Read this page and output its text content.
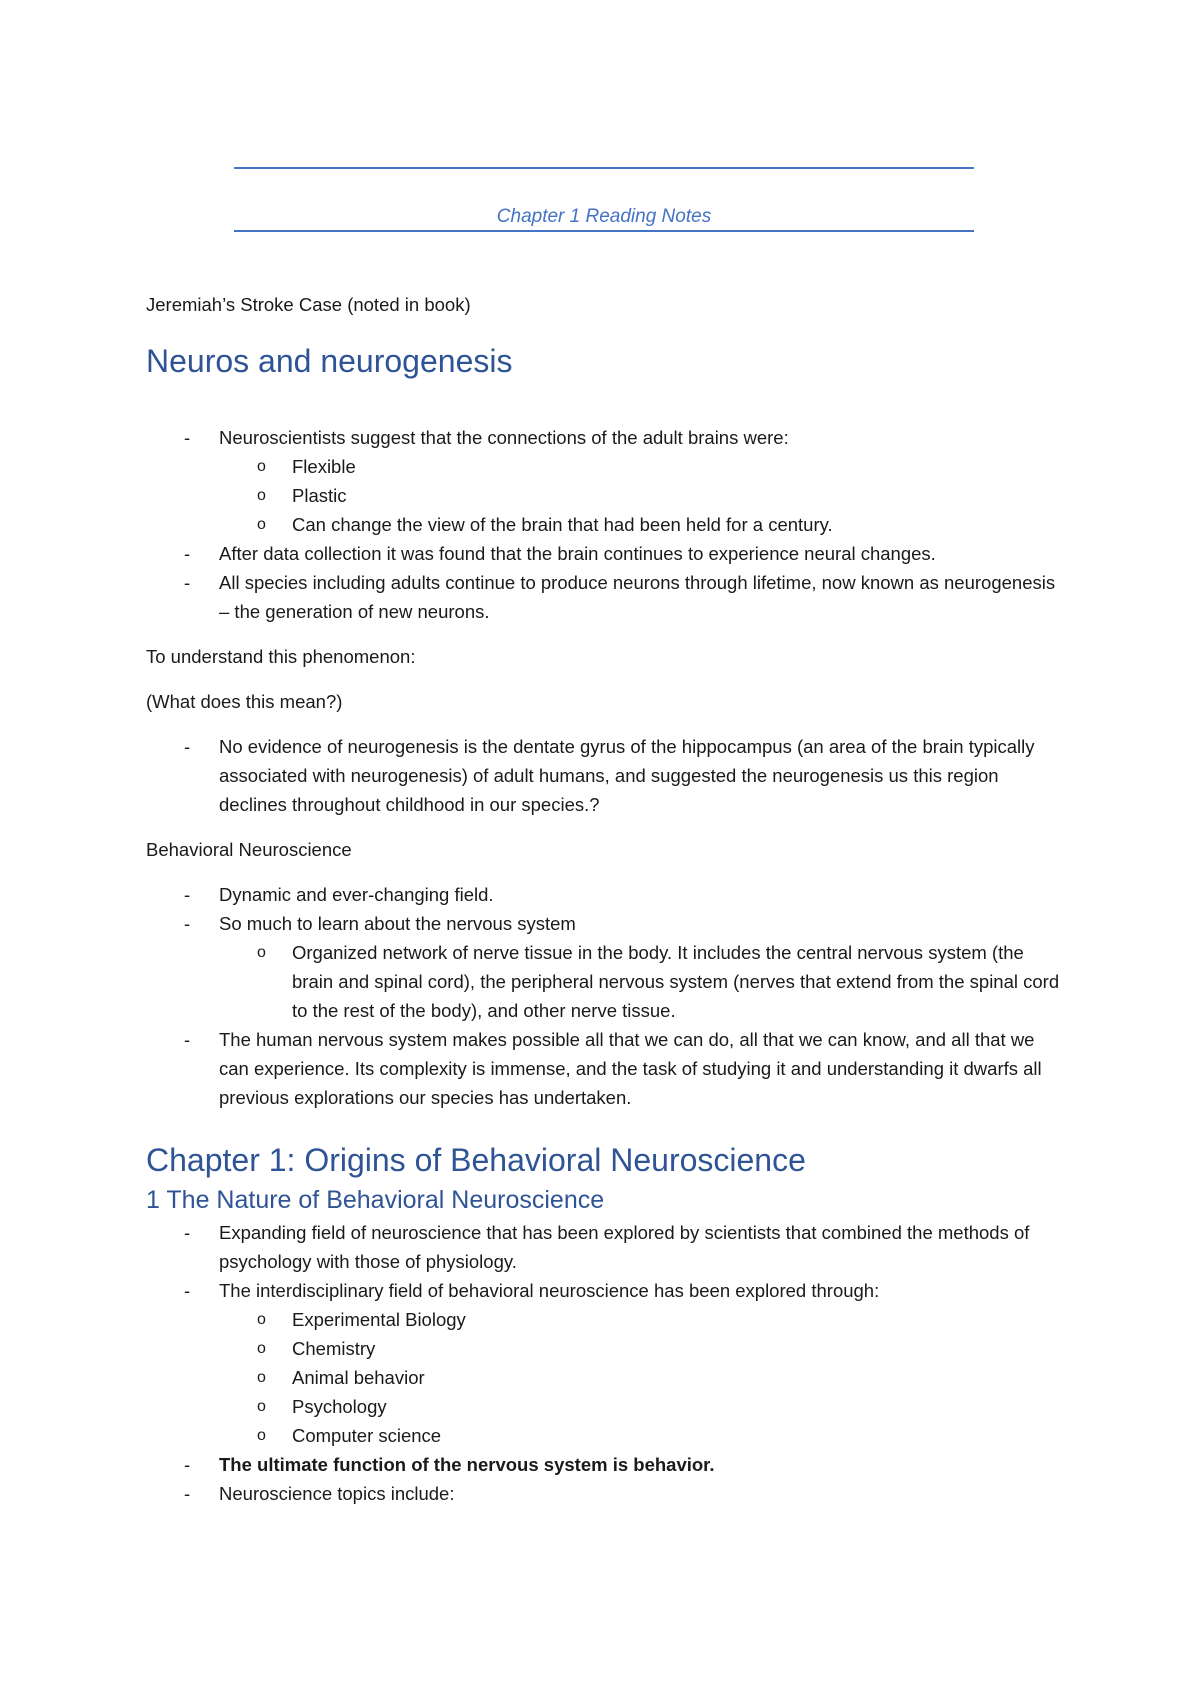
Chapter 1 Reading Notes

Jeremiah’s Stroke Case (noted in book)

Neuros and neurogenesis
- Neuroscientists suggest that the connections of the adult brains were:
o Flexible
o Plastic
o Can change the view of the brain that had been held for a century.
- After data collection it was found that the brain continues to experience neural changes.
- All species including adults continue to produce neurons through lifetime, now known as neurogenesis – the generation of new neurons.

To understand this phenomenon:

(What does this mean?)

- No evidence of neurogenesis is the dentate gyrus of the hippocampus (an area of the brain typically associated with neurogenesis) of adult humans, and suggested the neurogenesis us this region declines throughout childhood in our species.?

Behavioral Neuroscience

- Dynamic and ever-changing field.
- So much to learn about the nervous system
o Organized network of nerve tissue in the body. It includes the central nervous system (the brain and spinal cord), the peripheral nervous system (nerves that extend from the spinal cord to the rest of the body), and other nerve tissue.
- The human nervous system makes possible all that we can do, all that we can know, and all that we can experience. Its complexity is immense, and the task of studying it and understanding it dwarfs all previous explorations our species has undertaken.
Chapter 1: Origins of Behavioral Neuroscience
1 The Nature of Behavioral Neuroscience
- Expanding field of neuroscience that has been explored by scientists that combined the methods of psychology with those of physiology.
- The interdisciplinary field of behavioral neuroscience has been explored through:
o Experimental Biology
o Chemistry
o Animal behavior
o Psychology
o Computer science
- The ultimate function of the nervous system is behavior.
- Neuroscience topics include:
